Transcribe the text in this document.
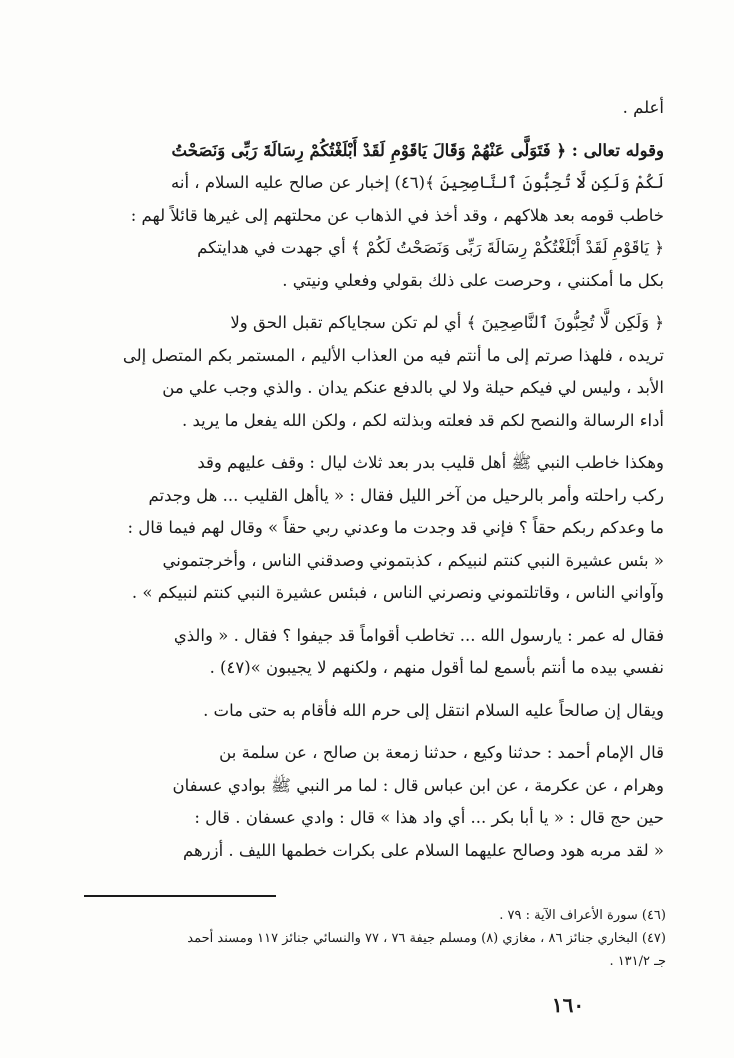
أعلم .
وقوله تعالى : ﴿ فَتَوَلَّى عَنْهُمْ وَقَالَ يَاقَوْمِ لَقَدْ أَبْلَغْتُكُمْ رِسَالَةَ رَبِّى وَنَصَحْتُ
لَكُمْ وَلَكِن لَّا تُحِبُّونَ ٱلنَّاصِحِينَ ﴾(٤٦) إخبار عن صالح عليه السلام ، أنه
خاطب قومه بعد هلاكهم ، وقد أخذ في الذهاب عن محلتهم إلى غيرها قائلاً لهم :
﴿ يَاقَوْمِ لَقَدْ أَبْلَغْتُكُمْ رِسَالَةَ رَبِّى وَنَصَحْتُ لَكُمْ ﴾ أي جهدت في هدايتكم
بكل ما أمكنني ، وحرصت على ذلك بقولي وفعلي ونيتي .
﴿ وَلَكِن لَّا تُحِبُّونَ ٱلنَّاصِحِينَ ﴾ أي لم تكن سجاياكم تقبل الحق ولا
تريده ، فلهذا صرتم إلى ما أنتم فيه من العذاب الأليم ، المستمر بكم المتصل إلى
الأبد ، وليس لي فيكم حيلة ولا لي بالدفع عنكم يدان . والذي وجب علي من
أداء الرسالة والنصح لكم قد فعلته وبذلته لكم ، ولكن الله يفعل ما يريد .
وهكذا خاطب النبي ﷺ أهل قليب بدر بعد ثلاث ليال : وقف عليهم وقد
ركب راحلته وأمر بالرحيل من آخر الليل فقال : « ياأهل القليب ... هل وجدتم
ما وعدكم ربكم حقاً ؟ فإني قد وجدت ما وعدني ربي حقاً » وقال لهم فيما قال :
« بئس عشيرة النبي كنتم لنبيكم ، كذبتموني وصدقني الناس ، وأخرجتموني
وآواني الناس ، وقاتلتموني ونصرني الناس ، فبئس عشيرة النبي كنتم لنبيكم » .
فقال له عمر : يارسول الله ... تخاطب أقواماً قد جيفوا ؟ فقال . « والذي
نفسي بيده ما أنتم بأسمع لما أقول منهم ، ولكنهم لا يجيبون »(٤٧) .
ويقال إن صالحاً عليه السلام انتقل إلى حرم الله فأقام به حتى مات .
قال الإمام أحمد : حدثنا وكيع ، حدثنا زمعة بن صالح ، عن سلمة بن
وهرام ، عن عكرمة ، عن ابن عباس قال : لما مر النبي ﷺ بوادي عسفان
حين حج قال : « يا أبا بكر ... أي واد هذا » قال : وادي عسفان . قال :
« لقد مربه هود وصالح عليهما السلام على بكرات خطمها الليف . أزرهم
(٤٦) سورة الأعراف الآية : ٧٩ .
(٤٧) البخاري جنائز ٨٦ ، مغازي (٨) ومسلم جيفة ٧٦ ، ٧٧ والنسائي جنائز ١١٧ ومسند أحمد
جـ ١٣١/٢ .
١٦٠
